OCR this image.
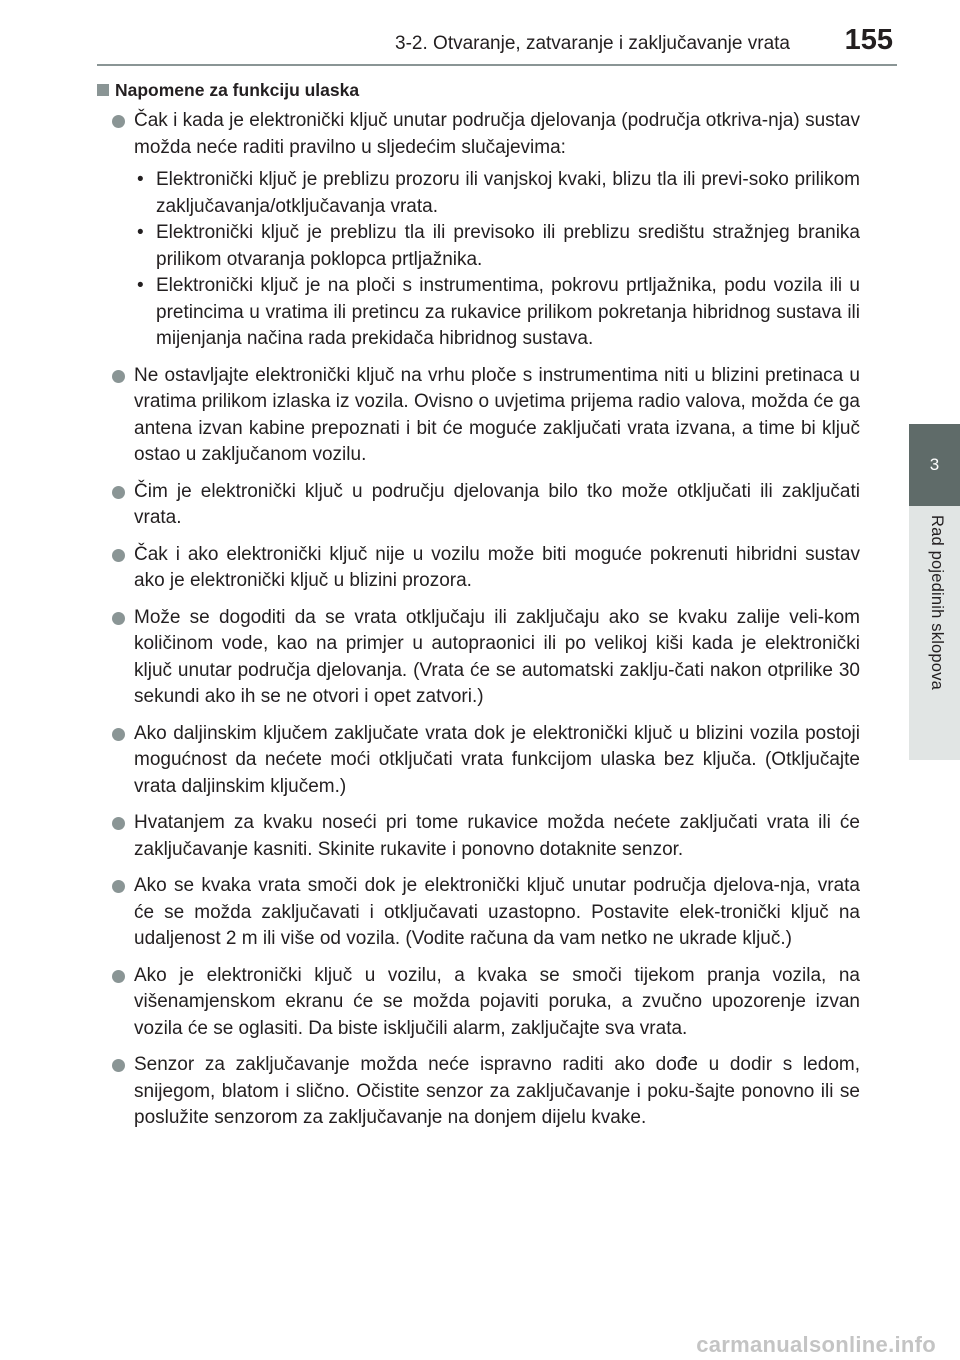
3-2. Otvaranje, zatvaranje i zaključavanje vrata 155
3
Rad pojedinih sklopova
Napomene za funkciju ulaska
Čak i kada je elektronički ključ unutar područja djelovanja (područja otkriva-nja) sustav možda neće raditi pravilno u sljedećim slučajevima:
• Elektronički ključ je preblizu prozoru ili vanjskoj kvaki, blizu tla ili previ-soko prilikom zaključavanja/otključavanja vrata.
• Elektronički ključ je preblizu tla ili previsoko ili preblizu središtu stražnjeg branika prilikom otvaranja poklopca prtljažnika.
• Elektronički ključ je na ploči s instrumentima, pokrovu prtljažnika, podu vozila ili u pretincima u vratima ili pretincu za rukavice prilikom pokretanja hibridnog sustava ili mijenjanja načina rada prekidača hibridnog sustava.
Ne ostavljajte elektronički ključ na vrhu ploče s instrumentima niti u blizini pretinaca u vratima prilikom izlaska iz vozila. Ovisno o uvjetima prijema radio valova, možda će ga antena izvan kabine prepoznati i bit će moguće zaključati vrata izvana, a time bi ključ ostao u zaključanom vozilu.
Čim je elektronički ključ u području djelovanja bilo tko može otključati ili zaključati vrata.
Čak i ako elektronički ključ nije u vozilu može biti moguće pokrenuti hibridni sustav ako je elektronički ključ u blizini prozora.
Može se dogoditi da se vrata otključaju ili zaključaju ako se kvaku zalije veli-kom količinom vode, kao na primjer u autopraonici ili po velikoj kiši kada je elektronički ključ unutar područja djelovanja. (Vrata će se automatski zaklju-čati nakon otprilike 30 sekundi ako ih se ne otvori i opet zatvori.)
Ako daljinskim ključem zaključate vrata dok je elektronički ključ u blizini vozila postoji mogućnost da nećete moći otključati vrata funkcijom ulaska bez ključa. (Otključajte vrata daljinskim ključem.)
Hvatanjem za kvaku noseći pri tome rukavice možda nećete zaključati vrata ili će zaključavanje kasniti. Skinite rukavite i ponovno dotaknite senzor.
Ako se kvaka vrata smoči dok je elektronički ključ unutar područja djelova-nja, vrata će se možda zaključavati i otključavati uzastopno. Postavite elek-tronički ključ na udaljenost 2 m ili više od vozila. (Vodite računa da vam netko ne ukrade ključ.)
Ako je elektronički ključ u vozilu, a kvaka se smoči tijekom pranja vozila, na višenamjenskom ekranu će se možda pojaviti poruka, a zvučno upozorenje izvan vozila će se oglasiti. Da biste isključili alarm, zaključajte sva vrata.
Senzor za zaključavanje možda neće ispravno raditi ako dođe u dodir s ledom, snijegom, blatom i slično. Očistite senzor za zaključavanje i poku-šajte ponovno ili se poslužite senzorom za zaključavanje na donjem dijelu kvake.
carmanualsonline.info
